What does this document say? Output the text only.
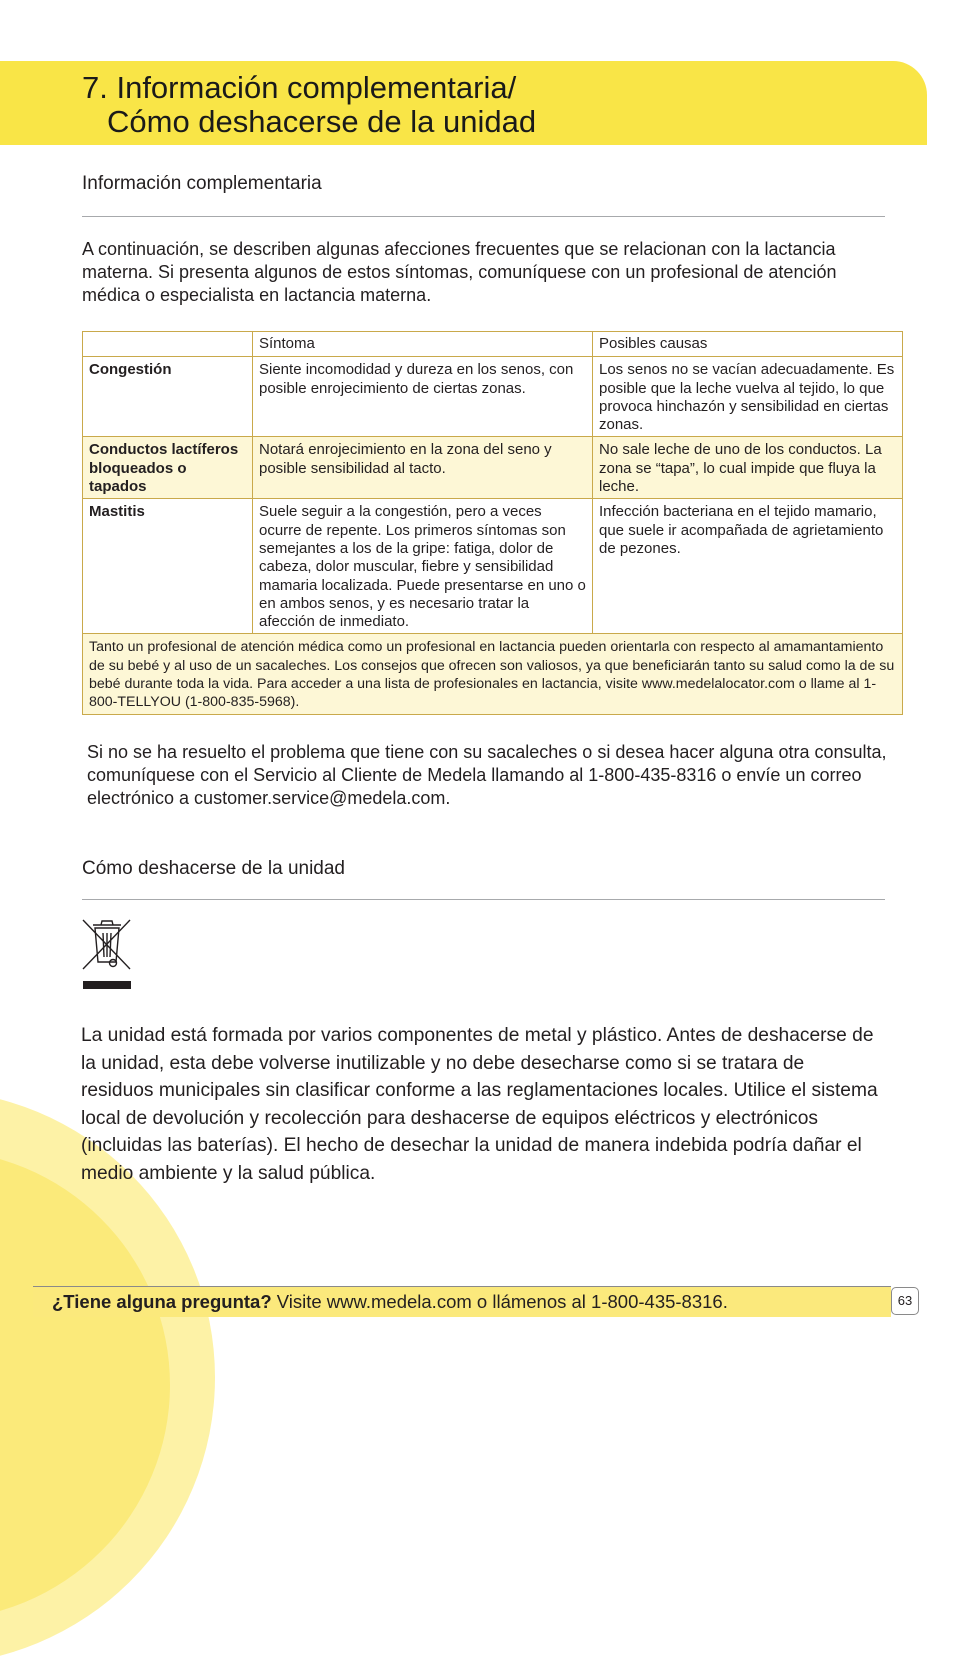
7. Información complementaria/
Cómo deshacerse de la unidad
Información complementaria

A continuación, se describen algunas afecciones frecuentes que se relacionan con la lactancia materna. Si presenta algunos de estos síntomas, comuníquese con un profesional de atención médica o especialista en lactancia materna.

	Síntoma	Posibles causas
Congestión	Siente incomodidad y dureza en los senos, con posible enrojecimiento de ciertas zonas.	Los senos no se vacían adecuadamente. Es posible que la leche vuelva al tejido, lo que provoca hinchazón y sensibilidad en ciertas zonas.
Conductos lactíferos bloqueados o tapados	Notará enrojecimiento en la zona del seno y posible sensibilidad al tacto.	No sale leche de uno de los conductos. La zona se “tapa”, lo cual impide que fluya la leche.
Mastitis	Suele seguir a la congestión, pero a veces ocurre de repente. Los primeros síntomas son semejantes a los de la gripe: fatiga, dolor de cabeza, dolor muscular, fiebre y sensibilidad mamaria localizada. Puede presentarse en uno o en ambos senos, y es necesario tratar la afección de inmediato.	Infección bacteriana en el tejido mamario, que suele ir acompañada de agrietamiento de pezones.
Tanto un profesional de atención médica como un profesional en lactancia pueden orientarla con respecto al amamantamiento de su bebé y al uso de un sacaleches. Los consejos que ofrecen son valiosos, ya que beneficiarán tanto su salud como la de su bebé durante toda la vida. Para acceder a una lista de profesionales en lactancia, visite www.medelalocator.com o llame al 1-800-TELLYOU (1-800-835-5968).		

Si no se ha resuelto el problema que tiene con su sacaleches o si desea hacer alguna otra consulta, comuníquese con el Servicio al Cliente de Medela llamando al 1-800-435-8316 o envíe un correo electrónico a customer.service@medela.com.

Cómo deshacerse de la unidad

La unidad está formada por varios componentes de metal y plástico. Antes de deshacerse de la unidad, esta debe volverse inutilizable y no debe desecharse como si se tratara de residuos municipales sin clasificar conforme a las reglamentaciones locales. Utilice el sistema local de devolución y recolección para deshacerse de equipos eléctricos y electrónicos (incluidas las baterías). El hecho de desechar la unidad de manera indebida podría dañar el medio ambiente y la salud pública.

¿Tiene alguna pregunta? Visite www.medela.com o llámenos al 1-800-435-8316.	63
